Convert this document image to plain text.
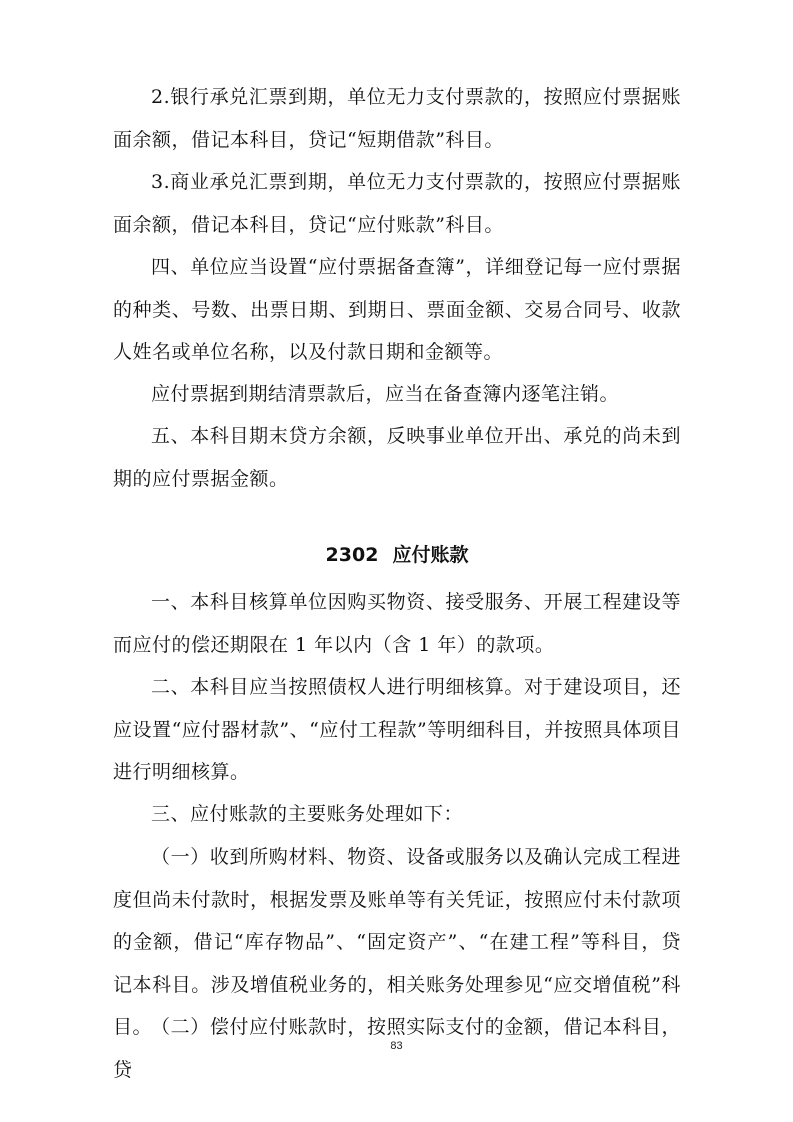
2.银行承兑汇票到期，单位无力支付票款的，按照应付票据账面余额，借记本科目，贷记“短期借款”科目。

3.商业承兑汇票到期，单位无力支付票款的，按照应付票据账面余额，借记本科目，贷记“应付账款”科目。

四、单位应当设置“应付票据备查簿”，详细登记每一应付票据的种类、号数、出票日期、到期日、票面金额、交易合同号、收款人姓名或单位名称，以及付款日期和金额等。

应付票据到期结清票款后，应当在备查簿内逐笔注销。

五、本科目期末贷方余额，反映事业单位开出、承兑的尚未到期的应付票据金额。

2302 应付账款

一、本科目核算单位因购买物资、接受服务、开展工程建设等而应付的偿还期限在 1 年以内（含 1 年）的款项。

二、本科目应当按照债权人进行明细核算。对于建设项目，还应设置“应付器材款”、“应付工程款”等明细科目，并按照具体项目进行明细核算。

三、应付账款的主要账务处理如下：

（一）收到所购材料、物资、设备或服务以及确认完成工程进度但尚未付款时，根据发票及账单等有关凭证，按照应付未付款项的金额，借记“库存物品”、“固定资产”、“在建工程”等科目，贷记本科目。涉及增值税业务的，相关账务处理参见“应交增值税”科目。

（二）偿付应付账款时，按照实际支付的金额，借记本科目，贷

83
